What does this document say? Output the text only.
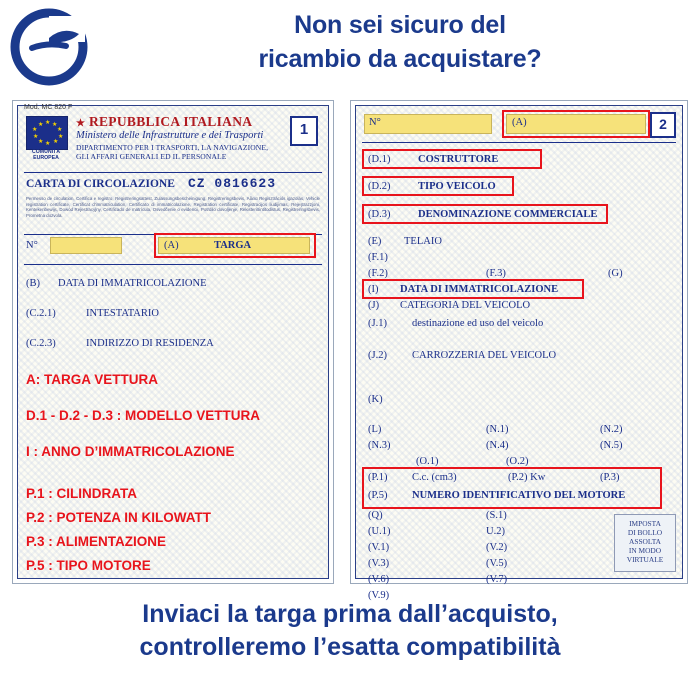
Non sei sicuro del
ricambio da acquistare?
Mod. MC 820 F
★ ★
★
★
★
★
★
★
★
★
COMUNITÀ
EUROPEA
★ REPUBBLICA ITALIANA
Ministero delle Infrastrutture e dei Trasporti
DIPARTIMENTO PER I TRASPORTI, LA NAVIGAZIONE,
GLI AFFARI GENERALI ED IL PERSONALE
1
CARTA DI CIRCOLAZIONE CZ 0816623
Permesso de circulation, Certifica e registro, Registreringsattest, Zulassungsbescheinigung, Registreringsbevis, Άδεια Regisztrációs igazolás, Vehicle registration certificate, Certificat d'immatriculation, Certificato di immatricolazione, Registration certificate, Registracijos liudijimas, Rejeştrazzjoni, Kentekenbewijs, Dowód Rejestracyjny, Certificado de matrícula, Osvedčenie o evidencii, Potrdilo dovoljenje, Rekisteriöintitodistus, Registreringsbevis, Prometna dozvola.
N°	(A)	TARGA
(B) DATA DI IMMATRICOLAZIONE
(C.2.1)	INTESTATARIO
(C.2.3)	INDIRIZZO DI RESIDENZA
A: TARGA VETTURA
D.1 - D.2 - D.3 : MODELLO VETTURA
I : ANNO D’IMMATRICOLAZIONE
P.1 : CILINDRATA
P.2 : POTENZA IN KILOWATT
P.3 : ALIMENTAZIONE
P.5 : TIPO MOTORE
N°	(A)	2
(D.1)	COSTRUTTORE
(D.2)	TIPO VEICOLO
(D.3)	DENOMINAZIONE COMMERCIALE
(E) TELAIO
(F.1)
(F.2)	(F.3)	(G)
(I) DATA DI IMMATRICOLAZIONE
(J) CATEGORIA DEL VEICOLO
(J.1) destinazione ed uso del veicolo
(J.2) CARROZZERIA DEL VEICOLO
(K)
(L)	(N.1)	(N.2)
(N.3)	(N.4)	(N.5)
(O.1)	(O.2)
(P.1) C.c. (cm3)	(P.2) Kw	(P.3)
(P.5) NUMERO IDENTIFICATIVO DEL MOTORE
(Q)	(S.1)
(U.1)	U.2)
(V.1)	(V.2)
(V.3)	(V.5)
(V.6)	(V.7)
(V.9)
IMPOSTA
DI BOLLO
ASSOLTA
IN MODO
VIRTUALE
Inviaci la targa prima dall’acquisto,
controlleremo l’esatta compatibilità
